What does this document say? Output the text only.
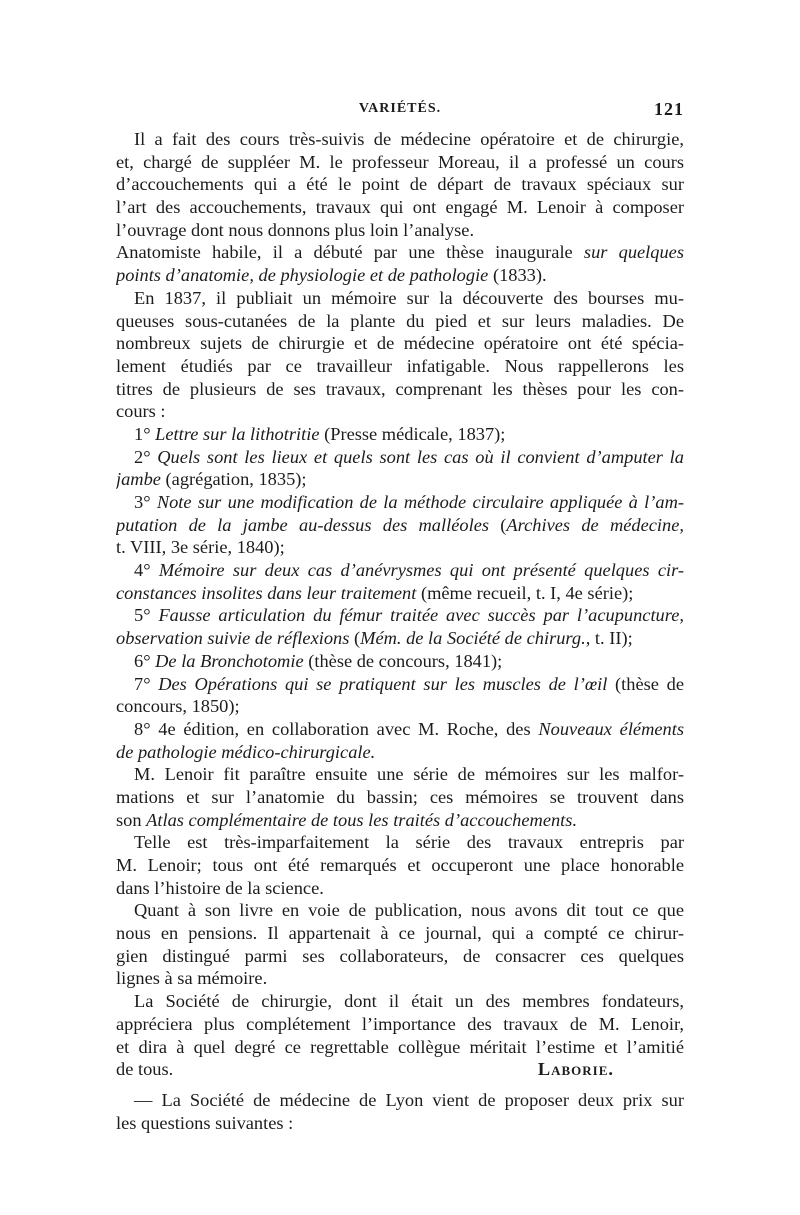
VARIÉTÉS.	121
Il a fait des cours très-suivis de médecine opératoire et de chirurgie,
et, chargé de suppléer M. le professeur Moreau, il a professé un cours
d’accouchements qui a été le point de départ de travaux spéciaux sur
l’art des accouchements, travaux qui ont engagé M. Lenoir à composer
l’ouvrage dont nous donnons plus loin l’analyse.
Anatomiste habile, il a débuté par une thèse inaugurale sur quelques
points d’anatomie, de physiologie et de pathologie (1833).
En 1837, il publiait un mémoire sur la découverte des bourses mu-
queuses sous-cutanées de la plante du pied et sur leurs maladies. De
nombreux sujets de chirurgie et de médecine opératoire ont été spécia-
lement étudiés par ce travailleur infatigable. Nous rappellerons les
titres de plusieurs de ses travaux, comprenant les thèses pour les con-
cours :
1° Lettre sur la lithotritie (Presse médicale, 1837);
2° Quels sont les lieux et quels sont les cas où il convient d’amputer la
jambe (agrégation, 1835);
3° Note sur une modification de la méthode circulaire appliquée à l’am-
putation de la jambe au-dessus des malléoles (Archives de médecine,
t. VIII, 3e série, 1840);
4° Mémoire sur deux cas d’anévrysmes qui ont présenté quelques cir-
constances insolites dans leur traitement (même recueil, t. I, 4e série);
5° Fausse articulation du fémur traitée avec succès par l’acupuncture,
observation suivie de réflexions (Mém. de la Société de chirurg., t. II);
6° De la Bronchotomie (thèse de concours, 1841);
7° Des Opérations qui se pratiquent sur les muscles de l’œil (thèse de
concours, 1850);
8° 4e édition, en collaboration avec M. Roche, des Nouveaux éléments
de pathologie médico-chirurgicale.
M. Lenoir fit paraître ensuite une série de mémoires sur les malfor-
mations et sur l’anatomie du bassin; ces mémoires se trouvent dans
son Atlas complémentaire de tous les traités d’accouchements.
Telle est très-imparfaitement la série des travaux entrepris par
M. Lenoir; tous ont été remarqués et occuperont une place honorable
dans l’histoire de la science.
Quant à son livre en voie de publication, nous avons dit tout ce que
nous en pensions. Il appartenait à ce journal, qui a compté ce chirur-
gien distingué parmi ses collaborateurs, de consacrer ces quelques
lignes à sa mémoire.
La Société de chirurgie, dont il était un des membres fondateurs,
appréciera plus complétement l’importance des travaux de M. Lenoir,
et dira à quel degré ce regrettable collègue méritait l’estime et l’amitié
de tous.	Laborie.
— La Société de médecine de Lyon vient de proposer deux prix sur
les questions suivantes :
